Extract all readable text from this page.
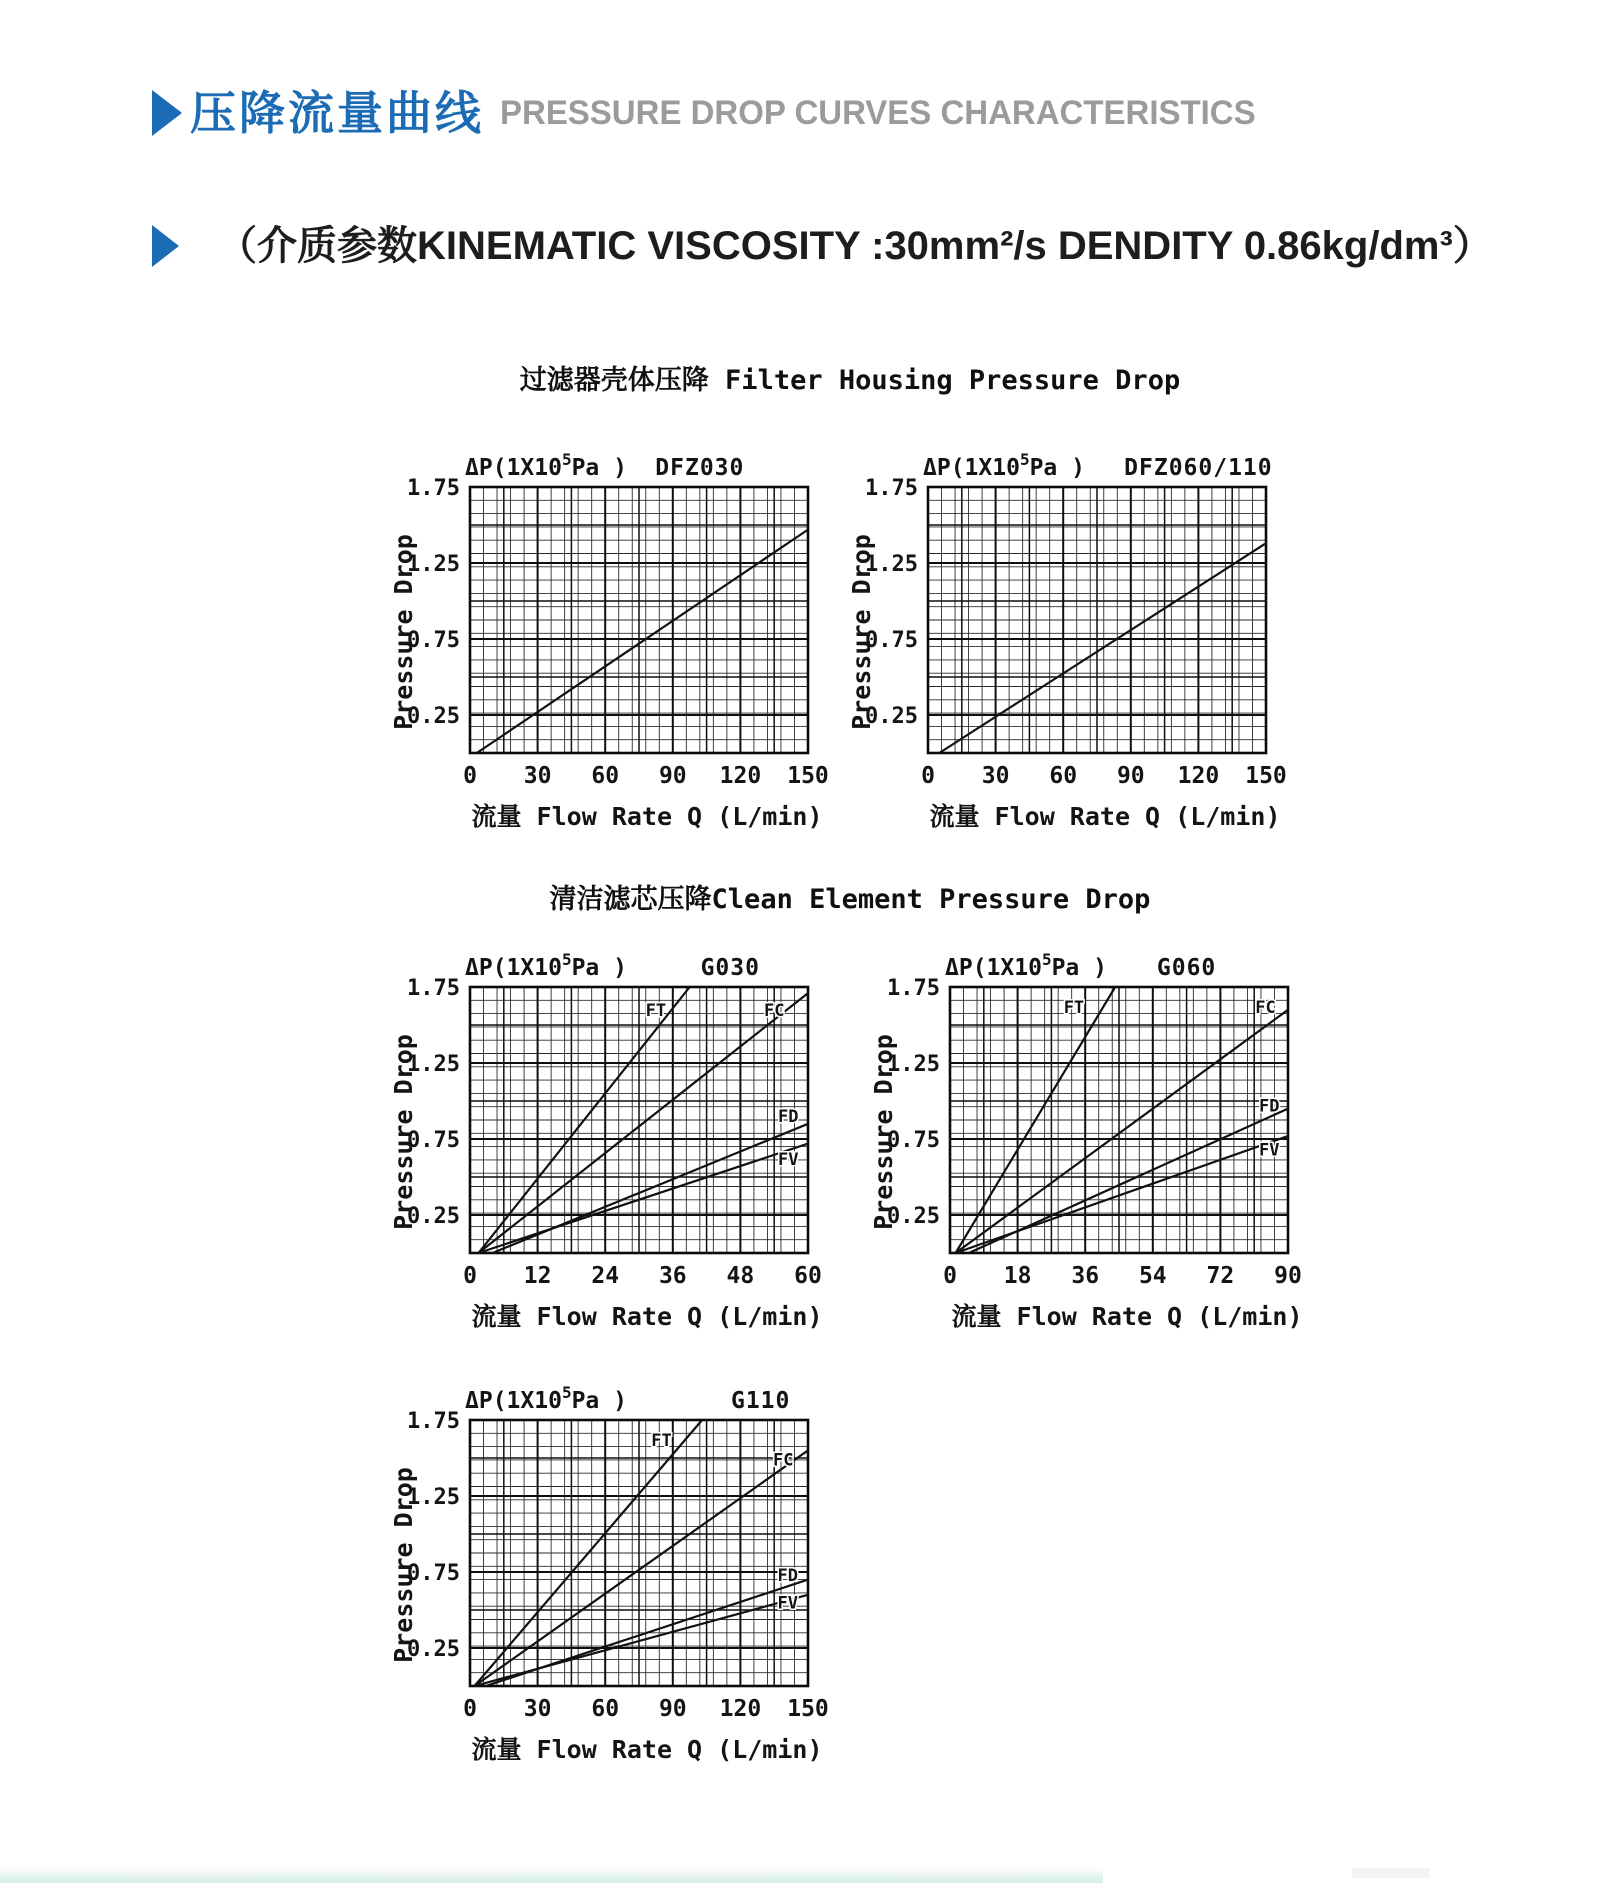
压降流量曲线 PRESSURE DROP CURVES CHARACTERISTICS
（介质参数KINEMATIC VISCOSITY :30mm²/s DENDITY 0.86kg/dm³）
过滤器壳体压降 Filter Housing Pressure Drop
清洁滤芯压降Clean Element Pressure Drop
0.25
0.75
1.25
1.75
0 30 60 90 120 150
$\Delta P(1X10^5Pa$ ) DFZ030
Pressure Drop
流量 Flow Rate Q (L/min)
0.25
0.75
1.25
1.75
0 30 60 90 120 150
$\Delta P(1X10^5Pa$ ) DFZ060/110
Pressure Drop
流量 Flow Rate Q (L/min)
FT	FC
FD
FV
0.25
0.75
1.25
1.75
0 12 24 36 48 60
$\Delta P(1X10^5Pa$ )	G030
Pressure Drop
流量 Flow Rate Q (L/min)
FT	FC
FD
FV
0.25
0.75
1.25
1.75
0 18 36 54 72 90
$\Delta P(1X10^5Pa$ ) G060
Pressure Drop
流量 Flow Rate Q (L/min)
FT
FC
FD
FV
0.25
0.75
1.25
1.75
0 30 60 90 120 150
$\Delta P(1X10^5Pa$ )	G110
Pressure Drop
流量 Flow Rate Q (L/min)
